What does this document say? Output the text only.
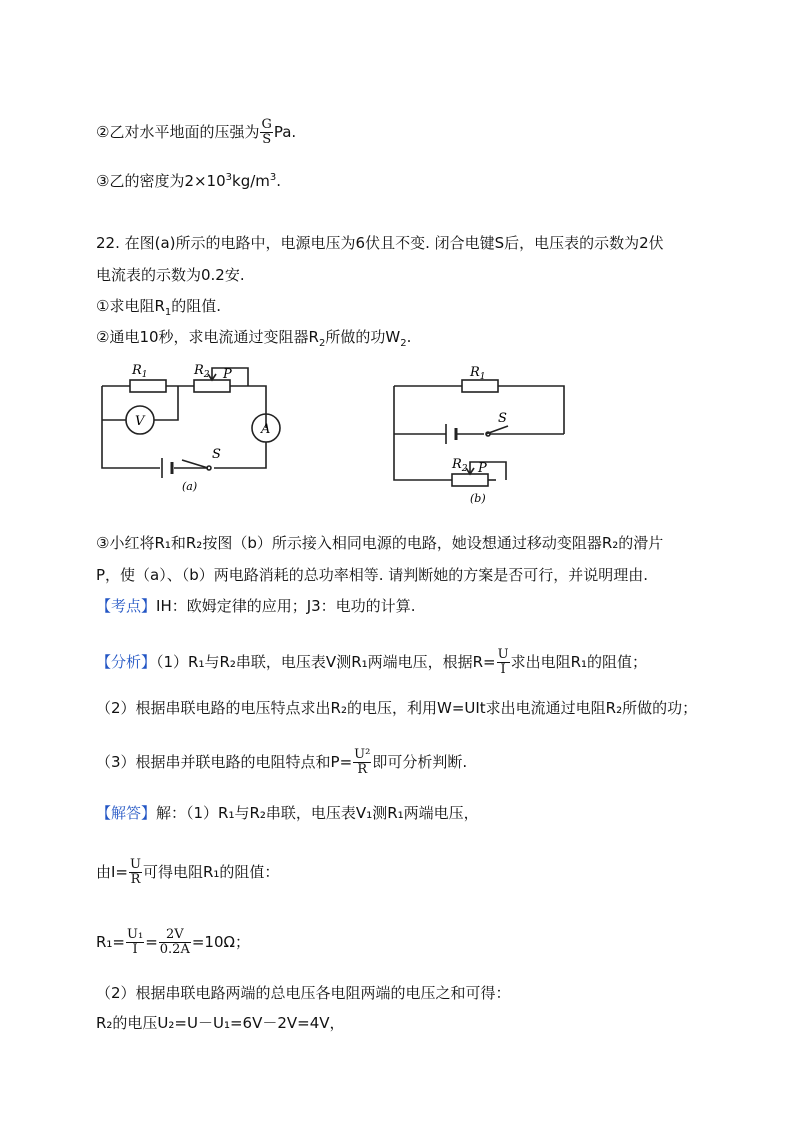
②乙对水平地面的压强为 $\frac{G}{S} Pa$.
③乙的密度为$2\times 10^3kg/m^3$.
22. 在图(a)所示的电路中，电源电压为6伏且不变. 闭合电键S后，电压表的示数为2伏
电流表的示数为0.2安.
①求电阻$R_1$的阻值.
②通电10秒，求电流通过变阻器$R_2$所做的功$W_2$.
$R_1$	$R_2$ P
V
A
S
(a)
$R_1$
S
$R_2$ P
(b)
③小红将R₁和R₂按图（b）所示接入相同电源的电路，她设想通过移动变阻器R₂的滑片
P，使（a）、（b）两电路消耗的总功率相等. 请判断她的方案是否可行，并说明理由.
【考点】IH：欧姆定律的应用；J3：电功的计算.
【分析】（1）R₁与R₂串联，电压表V测R₁两端电压，根据$R= \frac{U}{I}$ 求出电阻R₁的阻值；
（2）根据串联电路的电压特点求出R₂的电压，利用W=UIt求出电流通过电阻R₂所做的功；
（3）根据串并联电路的电阻特点和$P= \frac{\text{U²}}{R}$ 即可分析判断.
【解答】解：（1）R₁与R₂串联，电压表V₁测R₁两端电压，
由$I= \frac{U}{R}$ 可得电阻R₁的阻值：
$R_1= \frac{\text{U₁}}{I} = \frac{2V}{0.2A} =10\Omega$；
（2）根据串联电路两端的总电压各电阻两端的电压之和可得：
R₂的电压U₂=U－U₁=6V－2V=4V，
